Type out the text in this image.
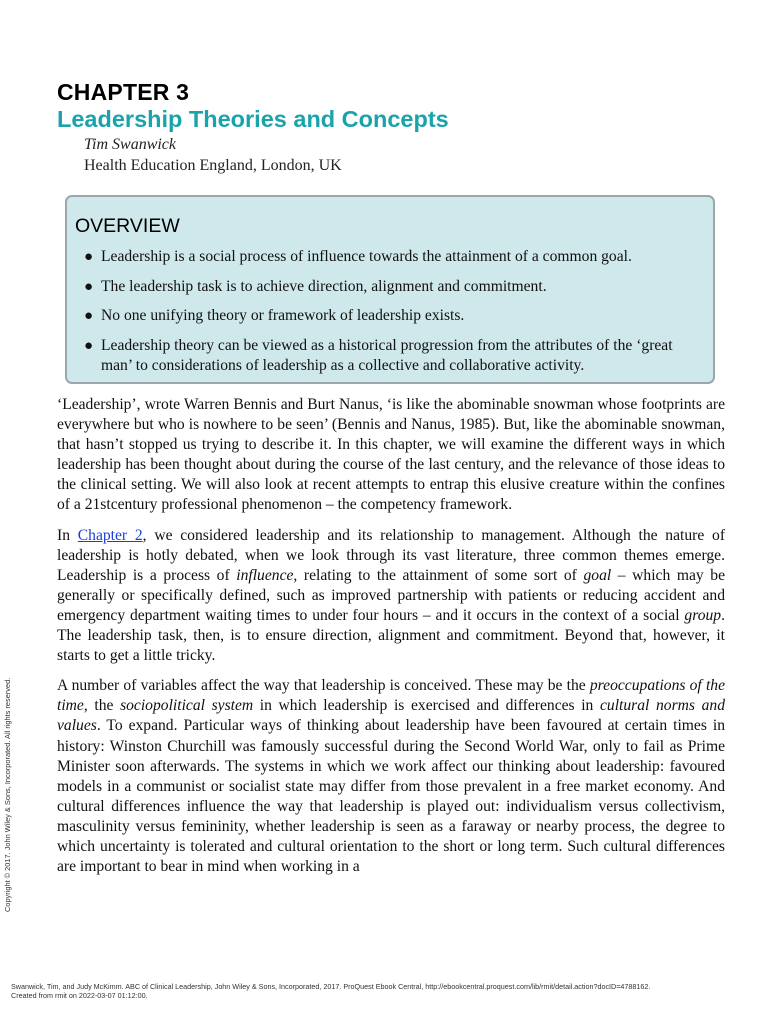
CHAPTER 3
Leadership Theories and Concepts
Tim Swanwick
Health Education England, London, UK
OVERVIEW
● Leadership is a social process of influence towards the attainment of a common goal.
● The leadership task is to achieve direction, alignment and commitment.
● No one unifying theory or framework of leadership exists.
● Leadership theory can be viewed as a historical progression from the attributes of the ‘great man’ to considerations of leadership as a collective and collaborative activity.

‘Leadership’, wrote Warren Bennis and Burt Nanus, ‘is like the abominable snowman whose footprints are everywhere but who is nowhere to be seen’ (Bennis and Nanus, 1985). But, like the abominable snowman, that hasn’t stopped us trying to describe it. In this chapter, we will examine the different ways in which leadership has been thought about during the course of the last century, and the relevance of those ideas to the clinical setting. We will also look at recent attempts to entrap this elusive creature within the confines of a 21stcentury professional phenomenon – the competency framework.

In Chapter 2, we considered leadership and its relationship to management. Although the nature of leadership is hotly debated, when we look through its vast literature, three common themes emerge. Leadership is a process of influence, relating to the attainment of some sort of goal – which may be generally or specifically defined, such as improved partnership with patients or reducing accident and emergency department waiting times to under four hours – and it occurs in the context of a social group. The leadership task, then, is to ensure direction, alignment and commitment. Beyond that, however, it starts to get a little tricky.

A number of variables affect the way that leadership is conceived. These may be the preoccupations of the time, the sociopolitical system in which leadership is exercised and differences in cultural norms and values. To expand. Particular ways of thinking about leadership have been favoured at certain times in history: Winston Churchill was famously successful during the Second World War, only to fail as Prime Minister soon afterwards. The systems in which we work affect our thinking about leadership: favoured models in a communist or socialist state may differ from those prevalent in a free market economy. And cultural differences influence the way that leadership is played out: individualism versus collectivism, masculinity versus femininity, whether leadership is seen as a faraway or nearby process, the degree to which uncertainty is tolerated and cultural orientation to the short or long term. Such cultural differences are important to bear in mind when working in a

Copyright © 2017. John Wiley & Sons, Incorporated. All rights reserved.
Swanwick, Tim, and Judy McKimm. ABC of Clinical Leadership, John Wiley & Sons, Incorporated, 2017. ProQuest Ebook Central, http://ebookcentral.proquest.com/lib/rmit/detail.action?docID=4788162.
Created from rmit on 2022-03-07 01:12:00.
